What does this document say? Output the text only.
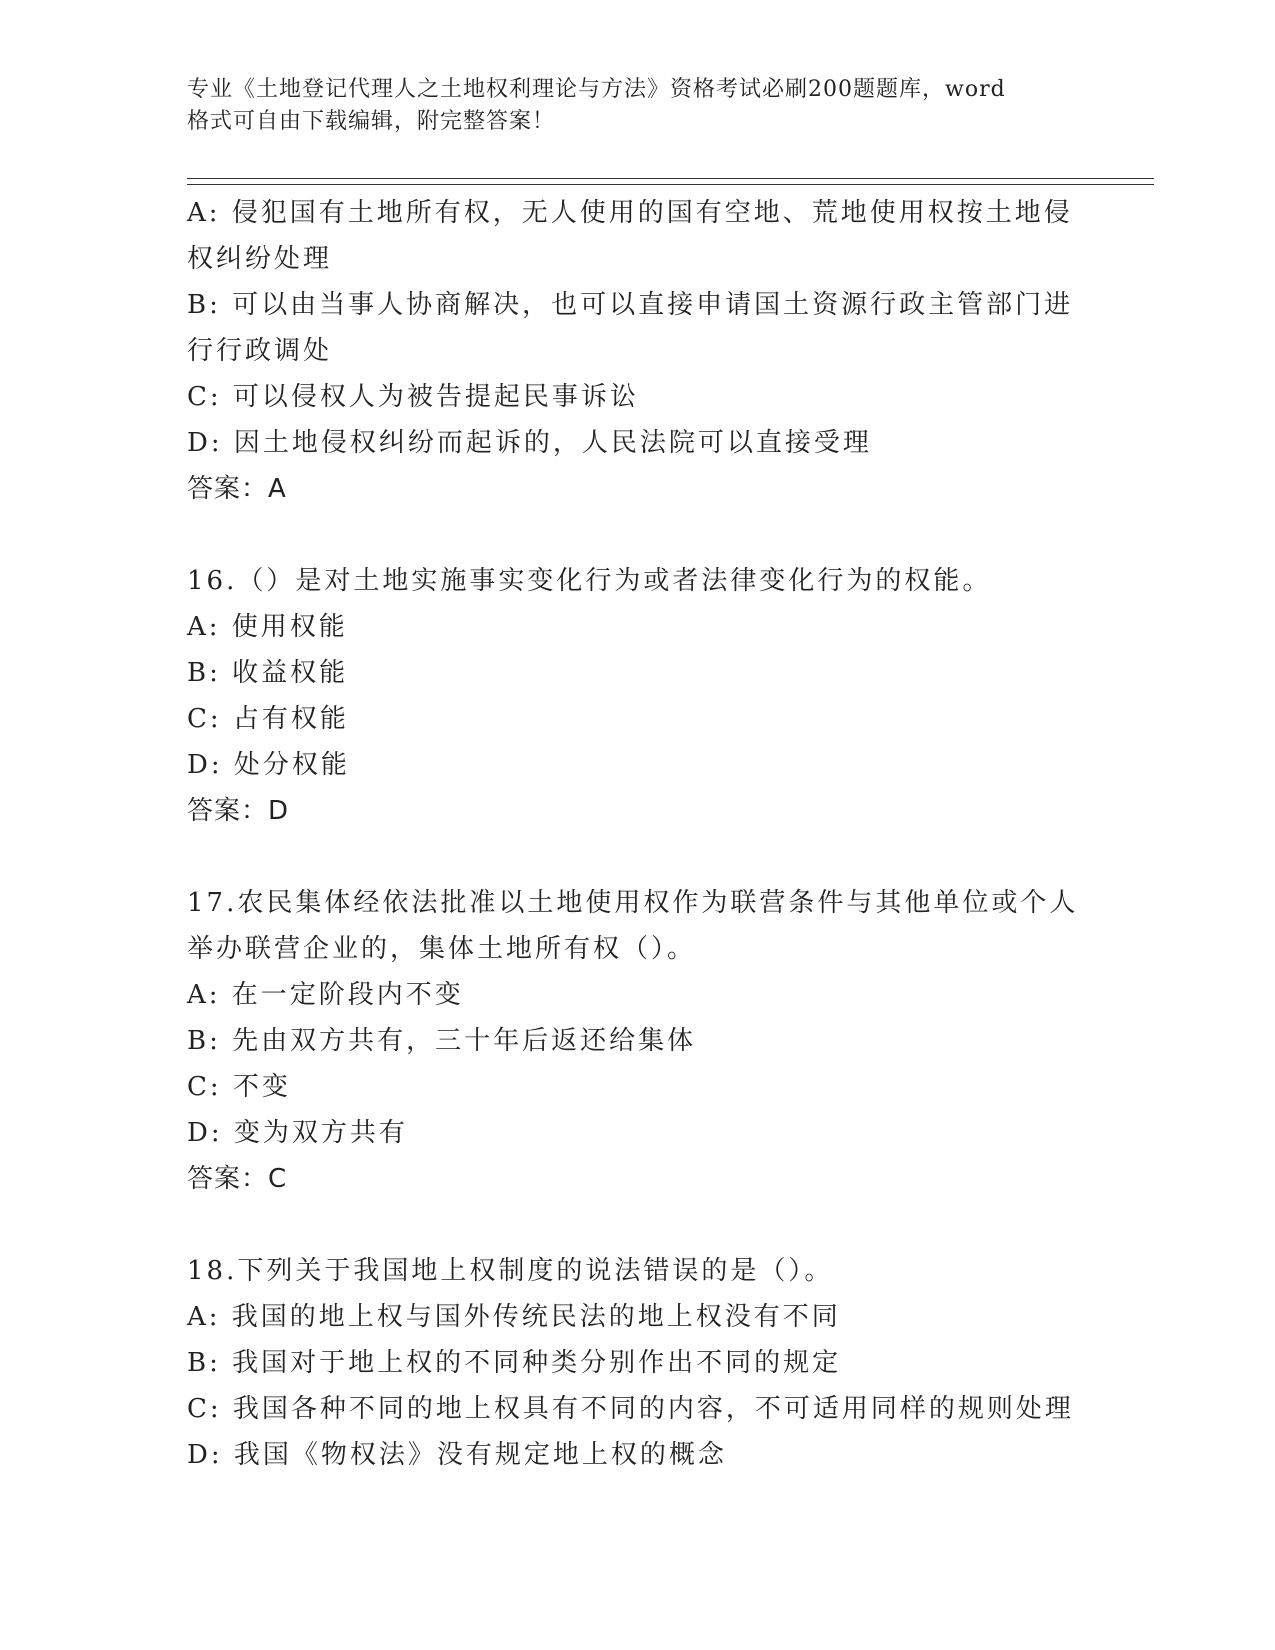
专业《土地登记代理人之土地权利理论与方法》资格考试必刷200题题库，word
格式可自由下载编辑，附完整答案！
A: 侵犯国有土地所有权，无人使用的国有空地、荒地使用权按土地侵
权纠纷处理
B: 可以由当事人协商解决，也可以直接申请国土资源行政主管部门进
行行政调处
C: 可以侵权人为被告提起民事诉讼
D: 因土地侵权纠纷而起诉的，人民法院可以直接受理
答案：A
16.（）是对土地实施事实变化行为或者法律变化行为的权能。
A: 使用权能
B: 收益权能
C: 占有权能
D: 处分权能
答案：D
17.农民集体经依法批准以土地使用权作为联营条件与其他单位或个人
举办联营企业的，集体土地所有权（）。
A: 在一定阶段内不变
B: 先由双方共有，三十年后返还给集体
C: 不变
D: 变为双方共有
答案：C
18.下列关于我国地上权制度的说法错误的是（）。
A: 我国的地上权与国外传统民法的地上权没有不同
B: 我国对于地上权的不同种类分别作出不同的规定
C: 我国各种不同的地上权具有不同的内容，不可适用同样的规则处理
D: 我国《物权法》没有规定地上权的概念
